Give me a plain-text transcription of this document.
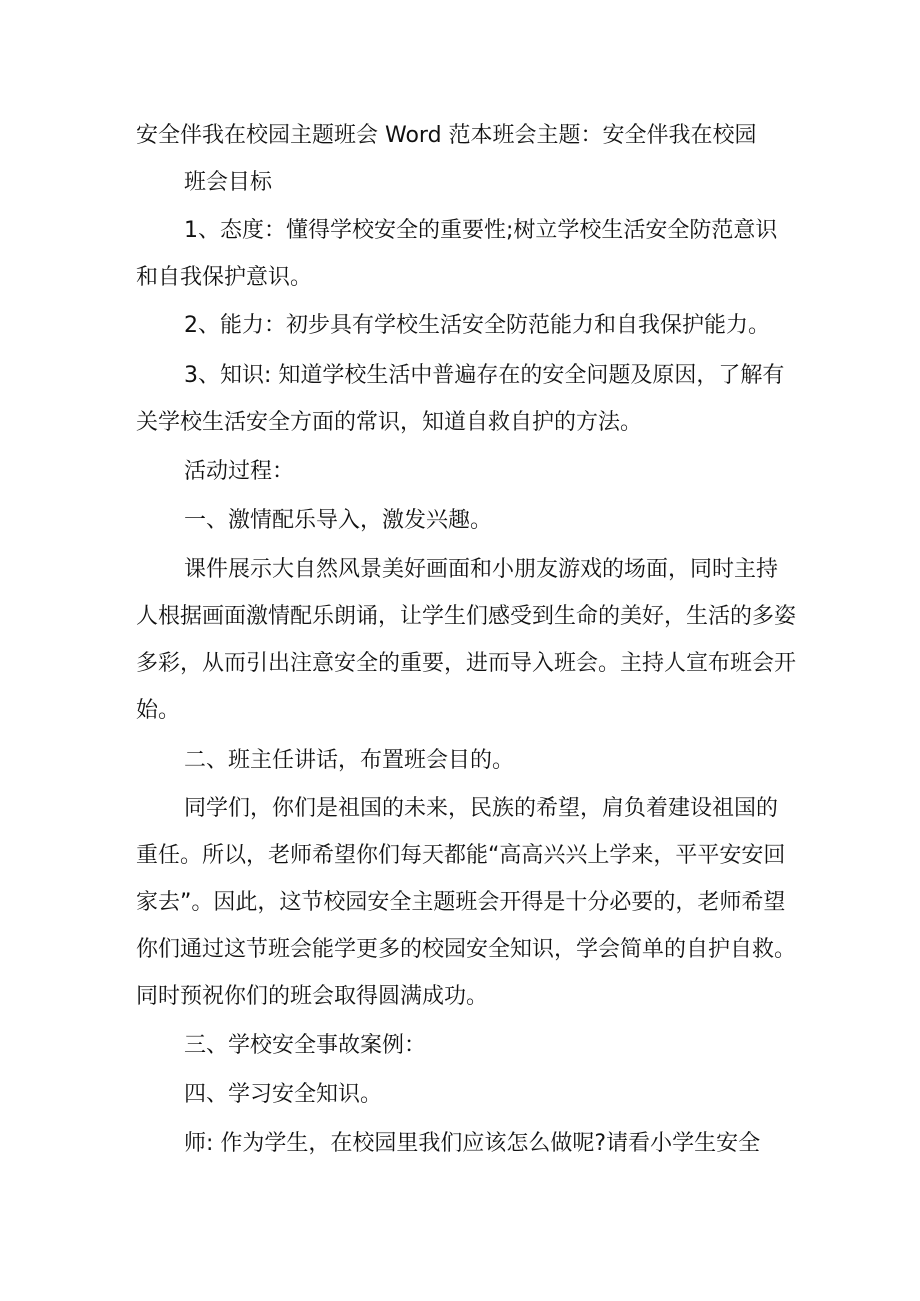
安全伴我在校园主题班会 Word 范本班会主题：安全伴我在校园

班会目标

1、态度：懂得学校安全的重要性;树立学校生活安全防范意识和自我保护意识。

2、能力：初步具有学校生活安全防范能力和自我保护能力。

3、知识: 知道学校生活中普遍存在的安全问题及原因，了解有关学校生活安全方面的常识，知道自救自护的方法。

活动过程：

一、激情配乐导入，激发兴趣。

课件展示大自然风景美好画面和小朋友游戏的场面，同时主持人根据画面激情配乐朗诵，让学生们感受到生命的美好，生活的多姿多彩，从而引出注意安全的重要，进而导入班会。主持人宣布班会开始。

二、班主任讲话，布置班会目的。

同学们，你们是祖国的未来，民族的希望，肩负着建设祖国的重任。所以，老师希望你们每天都能“高高兴兴上学来，平平安安回家去”。因此，这节校园安全主题班会开得是十分必要的，老师希望你们通过这节班会能学更多的校园安全知识，学会简单的自护自救。同时预祝你们的班会取得圆满成功。

三、学校安全事故案例：

四、学习安全知识。

师: 作为学生，在校园里我们应该怎么做呢?请看小学生安全
